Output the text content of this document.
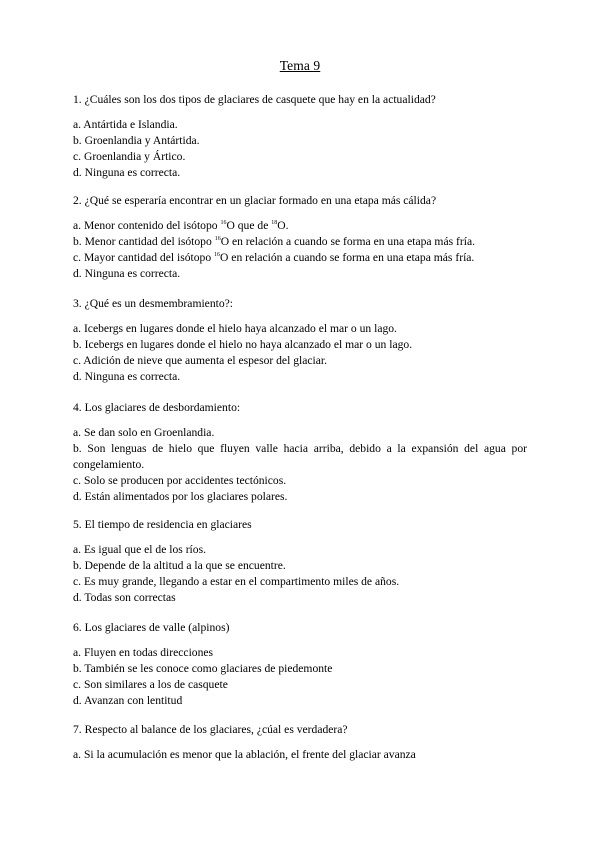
Tema 9

1. ¿Cuáles son los dos tipos de glaciares de casquete que hay en la actualidad?

a. Antártida e Islandia.

b. Groenlandia y Antártida.

c. Groenlandia y Ártico.

d. Ninguna es correcta.

2. ¿Qué se esperaría encontrar en un glaciar formado en una etapa más cálida?

a. Menor contenido del isótopo $^{16}$O que de $^{18}$O.

b. Menor cantidad del isótopo $^{16}$O en relación a cuando se forma en una etapa más fría.

c. Mayor cantidad del isótopo $^{16}$O en relación a cuando se forma en una etapa más fría.

d. Ninguna es correcta.

3. ¿Qué es un desmembramiento?:

a. Icebergs en lugares donde el hielo haya alcanzado el mar o un lago.

b. Icebergs en lugares donde el hielo no haya alcanzado el mar o un lago.

c. Adición de nieve que aumenta el espesor del glaciar.

d. Ninguna es correcta.

4. Los glaciares de desbordamiento:

a. Se dan solo en Groenlandia.

b. Son lenguas de hielo que fluyen valle hacia arriba, debido a la expansión del agua por congelamiento.

c. Solo se producen por accidentes tectónicos.

d. Están alimentados por los glaciares polares.

5. El tiempo de residencia en glaciares

a. Es igual que el de los ríos.

b. Depende de la altitud a la que se encuentre.

c. Es muy grande, llegando a estar en el compartimento miles de años.

d. Todas son correctas

6. Los glaciares de valle (alpinos)

a. Fluyen en todas direcciones

b. También se les conoce como glaciares de piedemonte

c. Son similares a los de casquete

d. Avanzan con lentitud

7. Respecto al balance de los glaciares, ¿cúal es verdadera?

a. Si la acumulación es menor que la ablación, el frente del glaciar avanza
